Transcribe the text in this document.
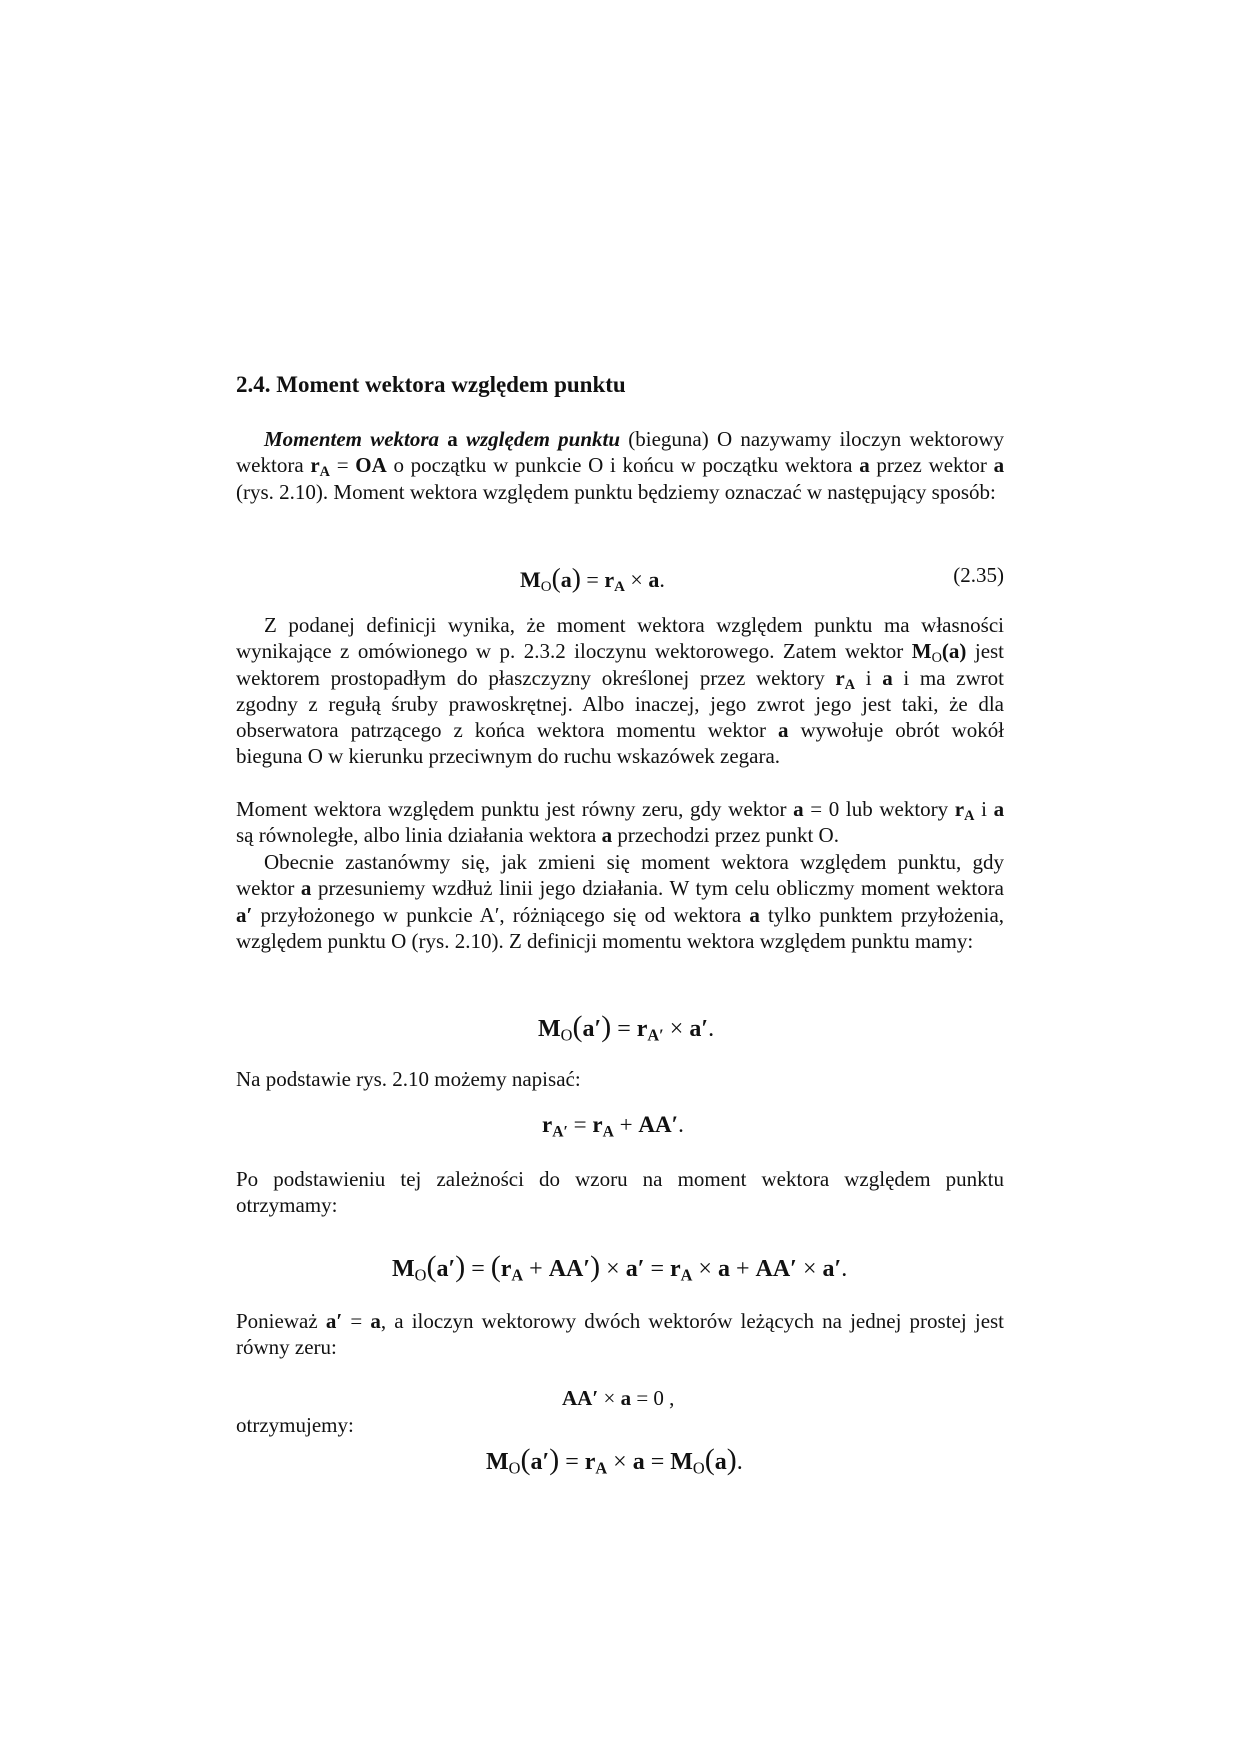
2.4. Moment wektora względem punktu
Momentem wektora a względem punktu (bieguna) O nazywamy iloczyn wektorowy wektora $r_A$ = OA o początku w punkcie O i końcu w początku wektora a przez wektor a (rys. 2.10). Moment wektora względem punktu będziemy oznaczać w następujący sposób:
$M_O(a) = r_A \times a$.	(2.35)
Z podanej definicji wynika, że moment wektora względem punktu ma własności wynikające z omówionego w p. 2.3.2 iloczynu wektorowego. Zatem wektor $M_O(a)$ jest wektorem prostopadłym do płaszczyzny określonej przez wektory $r_A$ i a i ma zwrot zgodny z regułą śruby prawoskrętnej. Albo inaczej, jego zwrot jego jest taki, że dla obserwatora patrzącego z końca wektora momentu wektor a wywołuje obrót wokół bieguna O w kierunku przeciwnym do ruchu wskazówek zegara.
Moment wektora względem punktu jest równy zeru, gdy wektor a = 0 lub wektory $r_A$ i a są równoległe, albo linia działania wektora a przechodzi przez punkt O.
Obecnie zastanówmy się, jak zmieni się moment wektora względem punktu, gdy wektor a przesuniemy wzdłuż linii jego działania. W tym celu obliczmy moment wektora a′ przyłożonego w punkcie A′, różniącego się od wektora a tylko punktem przyłożenia, względem punktu O (rys. 2.10). Z definicji momentu wektora względem punktu mamy:
$M_O(a') = r_{A'} \times a'$.
Na podstawie rys. 2.10 możemy napisać:
$r_{A'} = r_A + AA'$.
Po podstawieniu tej zależności do wzoru na moment wektora względem punktu otrzymamy:
$M_O(a') = (r_A + AA') \times a' = r_A \times a + AA' \times a'$.
Ponieważ a′ = a, a iloczyn wektorowy dwóch wektorów leżących na jednej prostej jest równy zeru:
AA′ × a = 0 ,
otrzymujemy:
$M_O(a') = r_A \times a = M_O(a)$.
